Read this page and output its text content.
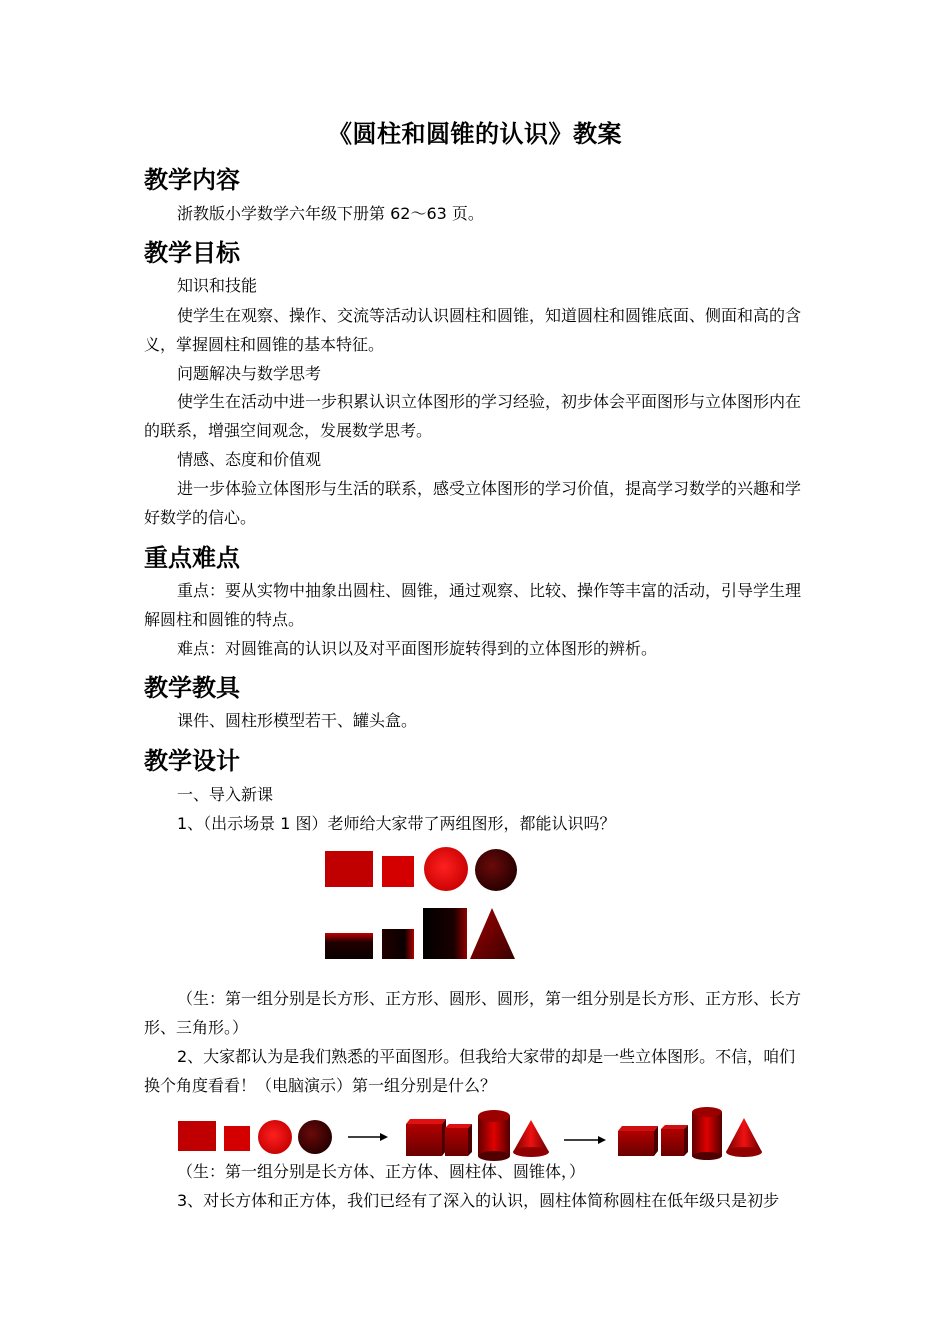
《圆柱和圆锥的认识》教案
教学内容
浙教版小学数学六年级下册第 62～63 页。
教学目标
知识和技能
使学生在观察、操作、交流等活动认识圆柱和圆锥，知道圆柱和圆锥底面、侧面和高的含义，掌握圆柱和圆锥的基本特征。
问题解决与数学思考
使学生在活动中进一步积累认识立体图形的学习经验，初步体会平面图形与立体图形内在的联系，增强空间观念，发展数学思考。
情感、态度和价值观
进一步体验立体图形与生活的联系，感受立体图形的学习价值，提高学习数学的兴趣和学好数学的信心。
重点难点
重点：要从实物中抽象出圆柱、圆锥，通过观察、比较、操作等丰富的活动，引导学生理解圆柱和圆锥的特点。
难点：对圆锥高的认识以及对平面图形旋转得到的立体图形的辨析。
教学教具
课件、圆柱形模型若干、罐头盒。
教学设计
一、导入新课
1、（出示场景 1 图）老师给大家带了两组图形，都能认识吗？
（生：第一组分别是长方形、正方形、圆形、圆形，第一组分别是长方形、正方形、长方形、三角形。）
2、大家都认为是我们熟悉的平面图形。但我给大家带的却是一些立体图形。不信，咱们换个角度看看！（电脑演示）第一组分别是什么？
（生：第一组分别是长方体、正方体、圆柱体、圆锥体，）
3、对长方体和正方体，我们已经有了深入的认识，圆柱体简称圆柱在低年级只是初步
